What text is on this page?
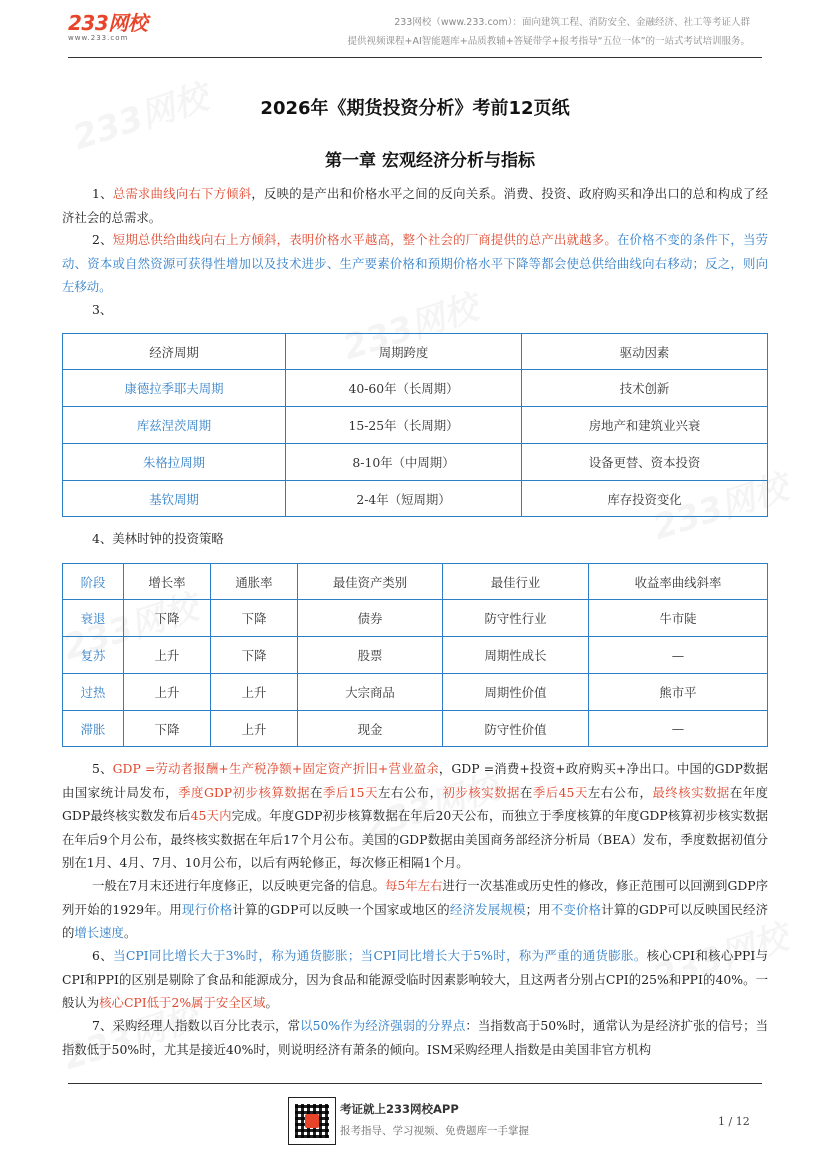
233网校
www.233.com
233网校（www.233.com）：面向建筑工程、消防安全、金融经济、社工等考证人群
提供视频课程+AI智能题库+品质教辅+答疑带学+报考指导“五位一体”的一站式考试培训服务。
2026年《期货投资分析》考前12页纸
第一章 宏观经济分析与指标
1、总需求曲线向右下方倾斜，反映的是产出和价格水平之间的反向关系。消费、投资、政府购买和净出口的总和构成了经济社会的总需求。
2、短期总供给曲线向右上方倾斜，表明价格水平越高，整个社会的厂商提供的总产出就越多。在价格不变的条件下，当劳动、资本或自然资源可获得性增加以及技术进步、生产要素价格和预期价格水平下降等都会使总供给曲线向右移动；反之，则向左移动。
3、
经济周期	周期跨度	驱动因素
康德拉季耶夫周期	40-60年（长周期）	技术创新
库兹涅茨周期	15-25年（长周期）	房地产和建筑业兴衰
朱格拉周期	8-10年（中周期）	设备更替、资本投资
基钦周期	2-4年（短周期）	库存投资变化
4、美林时钟的投资策略
阶段	增长率	通胀率	最佳资产类别	最佳行业	收益率曲线斜率
衰退	下降	下降	债券	防守性行业	牛市陡
复苏	上升	下降	股票	周期性成长	—
过热	上升	上升	大宗商品	周期性价值	熊市平
滞胀	下降	上升	现金	防守性价值	—
5、GDP =劳动者报酬+生产税净额+固定资产折旧+营业盈余，GDP =消费+投资+政府购买+净出口。中国的GDP数据由国家统计局发布，季度GDP初步核算数据在季后15天左右公布，初步核实数据在季后45天左右公布，最终核实数据在年度GDP最终核实数发布后45天内完成。年度GDP初步核算数据在年后20天公布，而独立于季度核算的年度GDP核算初步核实数据在年后9个月公布，最终核实数据在年后17个月公布。美国的GDP数据由美国商务部经济分析局（BEA）发布，季度数据初值分别在1月、4月、7月、10月公布，以后有两轮修正，每次修正相隔1个月。
一般在7月末还进行年度修正，以反映更完备的信息。每5年左右进行一次基准或历史性的修改，修正范围可以回溯到GDP序列开始的1929年。用现行价格计算的GDP可以反映一个国家或地区的经济发展规模；用不变价格计算的GDP可以反映国民经济的增长速度。
6、当CPI同比增长大于3%时，称为通货膨胀；当CPI同比增长大于5%时，称为严重的通货膨胀。核心CPI和核心PPI与CPI和PPI的区别是剔除了食品和能源成分，因为食品和能源受临时因素影响较大，且这两者分别占CPI的25%和PPI的40%。一般认为核心CPI低于2%属于安全区域。
7、采购经理人指数以百分比表示，常以50%作为经济强弱的分界点：当指数高于50%时，通常认为是经济扩张的信号；当指数低于50%时，尤其是接近40%时，则说明经济有萧条的倾向。ISM采购经理人指数是由美国非官方机构
考证就上233网校APP
报考指导、学习视频、免费题库一手掌握
1 / 12
